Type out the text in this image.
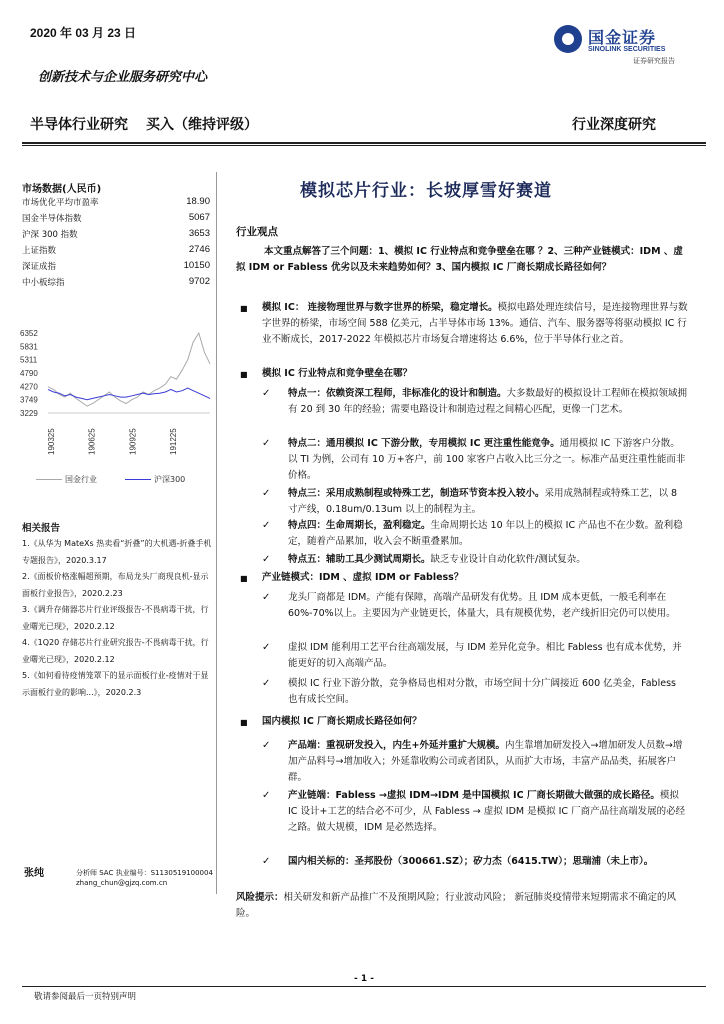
2020 年 03 月 23 日	国金证券
SINOLINK SECURITIES
证券研究报告
创新技术与企业服务研究中心
半导体行业研究 买入（维持评级）	行业深度研究
市场数据(人民币)
市场优化平均市盈率	18.90
国金半导体指数	5067
沪深 300 指数	3653
上证指数	2746
深证成指	10150
中小板综指	9702
6352
5831
5311
4790
4270
3749
3229
190325	190625	190925	191225
国金行业	沪深300
相关报告
1.《从华为 MateXs 热卖看“折叠”的大机遇-折叠手机专题报告》，2020.3.17
2.《面板价格涨幅超预期，布局龙头厂商现良机-显示面板行业报告》，2020.2.23
3.《调升存储器芯片行业评级报告-不畏病毒干扰，行业曙光已现》，2020.2.12
4.《1Q20 存储芯片行业研究报告-不畏病毒干扰，行业曙光已现》，2020.2.12
5.《如何看待疫情笼罩下的显示面板行业-疫情对于显示面板行业的影响...》，2020.2.3
张纯	分析师 SAC 执业编号：S1130519100004
zhang_chun@gjzq.com.cn
模拟芯片行业：长坡厚雪好赛道
行业观点
本文重点解答了三个问题：1、模拟 IC 行业特点和竞争壁垒在哪 ？2、三种产业链模式：IDM 、虚拟 IDM or Fabless 优劣以及未来趋势如何？3、国内模拟 IC 厂商长期成长路径如何？
■ 模拟 IC： 连接物理世界与数字世界的桥梁，稳定增长。模拟电路处理连续信号，是连接物理世界与数字世界的桥梁，市场空间 588 亿美元，占半导体市场 13%。通信、汽车、服务器等将驱动模拟 IC 行业不断成长，2017-2022 年模拟芯片市场复合增速将达 6.6%，位于半导体行业之首。
■ 模拟 IC 行业特点和竞争壁垒在哪？
✓ 特点一：依赖资深工程师，非标准化的设计和制造。大多数最好的模拟设计工程师在模拟领域拥有 20 到 30 年的经验；需要电路设计和制造过程之间精心匹配，更像一门艺术。
✓ 特点二：通用模拟 IC 下游分散，专用模拟 IC 更注重性能竞争。通用模拟 IC 下游客户分散。 以 TI 为例，公司有 10 万+客户，前 100 家客户占收入比三分之一。标准产品更注重性能而非价格。
✓ 特点三：采用成熟制程或特殊工艺，制造环节资本投入较小。采用成熟制程或特殊工艺，以 8 寸产线，0.18um/0.13um 以上的制程为主。
✓ 特点四：生命周期长，盈利稳定。生命周期长达 10 年以上的模拟 IC 产品也不在少数。盈利稳定，随着产品累加，收入会不断重叠累加。
✓ 特点五：辅助工具少测试周期长。缺乏专业设计自动化软件/测试复杂。
■ 产业链模式：IDM 、虚拟 IDM or Fabless？
✓ 龙头厂商都是 IDM。产能有保障，高端产品研发有优势。且 IDM 成本更低，一般毛利率在 60%-70%以上。主要因为产业链更长，体量大，具有规模优势，老产线折旧完仍可以使用。
✓ 虚拟 IDM 能利用工艺平台往高端发展，与 IDM 差异化竞争。相比 Fabless 也有成本优势，并能更好的切入高端产品。
✓ 模拟 IC 行业下游分散，竞争格局也相对分散，市场空间十分广阔接近 600 亿美金，Fabless 也有成长空间。
■ 国内模拟 IC 厂商长期成长路径如何？
✓ 产品端：重视研发投入，内生+外延并重扩大规模。内生靠增加研发投入→增加研发人员数→增加产品料号→增加收入；外延靠收购公司或者团队，从而扩大市场，丰富产品品类，拓展客户群。
✓ 产业链端：Fabless →虚拟 IDM→IDM 是中国模拟 IC 厂商长期做大做强的成长路径。模拟 IC 设计+工艺的结合必不可少，从 Fabless → 虚拟 IDM 是模拟 IC 厂商产品往高端发展的必经之路。做大规模，IDM 是必然选择。
✓ 国内相关标的：圣邦股份（300661.SZ）；矽力杰（6415.TW）；思瑞浦（未上市）。
风险提示：相关研发和新产品推广不及预期风险；行业波动风险； 新冠肺炎疫情带来短期需求不确定的风险。
- 1 -
敬请参阅最后一页特别声明
